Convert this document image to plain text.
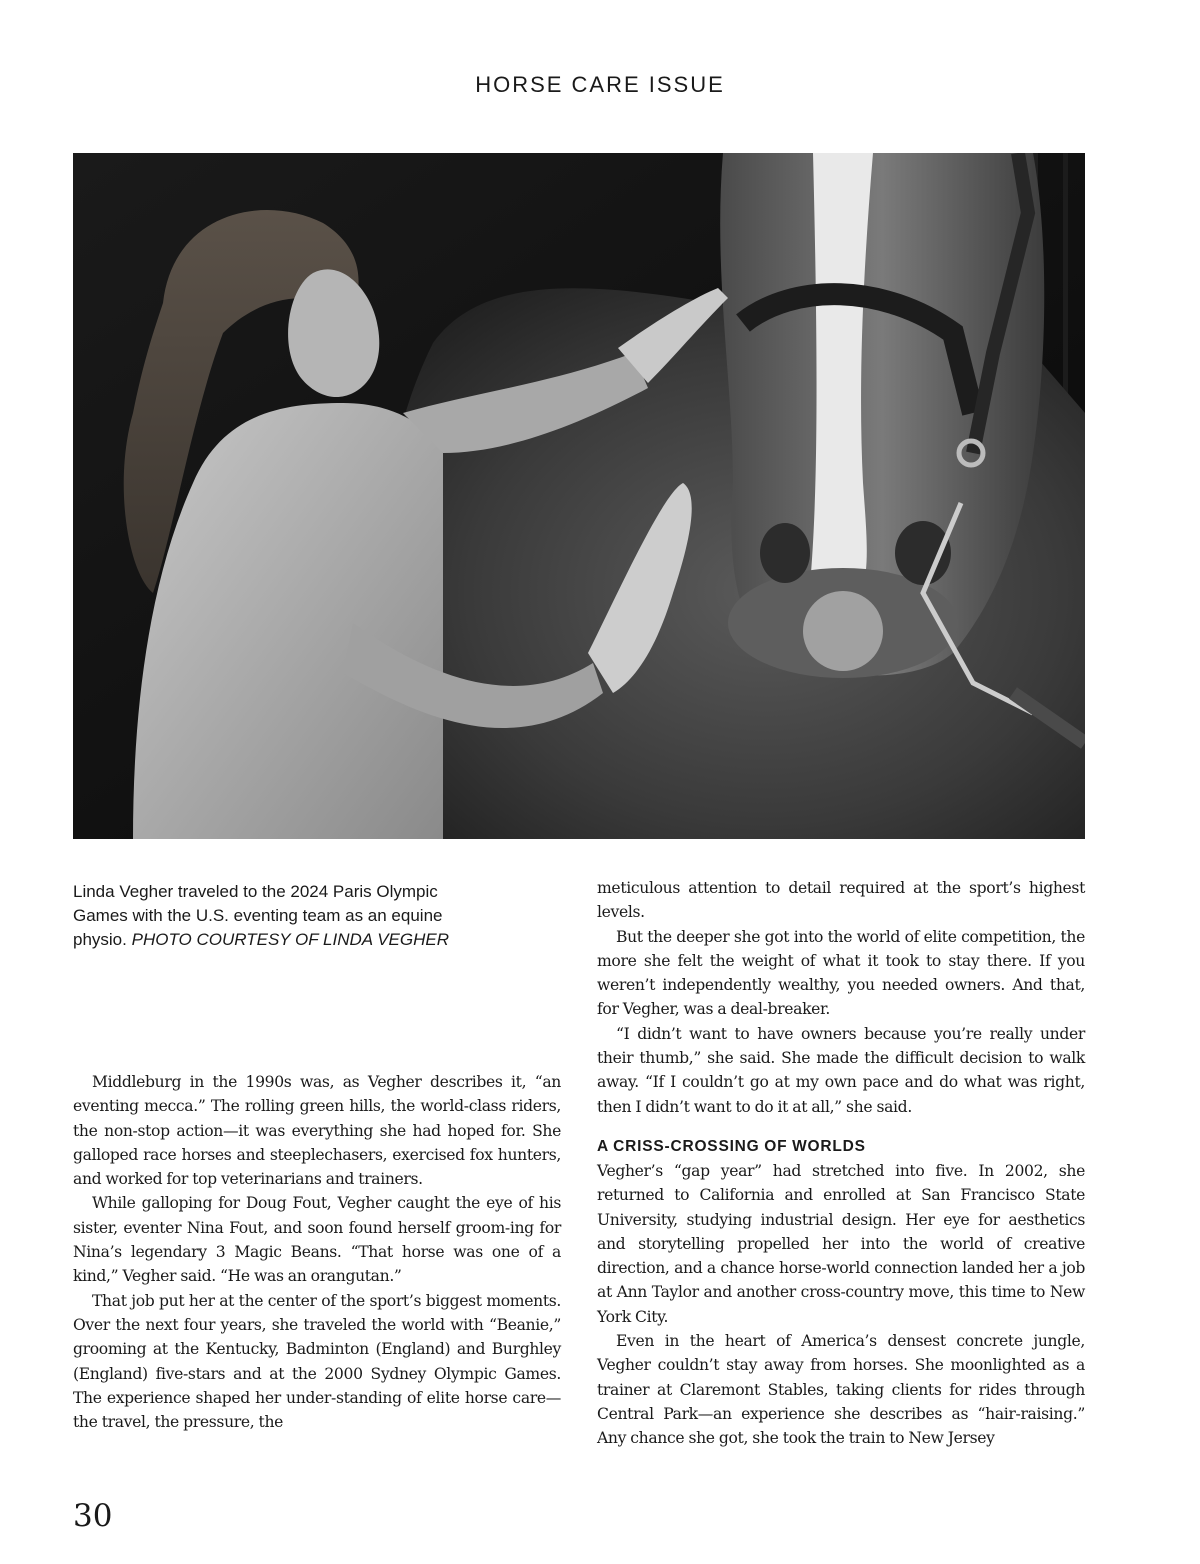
HORSE CARE ISSUE
Linda Vegher traveled to the 2024 Paris Olympic Games with the U.S. eventing team as an equine physio. PHOTO COURTESY OF LINDA VEGHER

Middleburg in the 1990s was, as Vegher describes it, “an eventing mecca.” The rolling green hills, the world-class riders, the non-stop action—it was everything she had hoped for. She galloped race horses and steeplechasers, exercised fox hunters, and worked for top veterinarians and trainers.

While galloping for Doug Fout, Vegher caught the eye of his sister, eventer Nina Fout, and soon found herself groom-ing for Nina’s legendary 3 Magic Beans. “That horse was one of a kind,” Vegher said. “He was an orangutan.”

That job put her at the center of the sport’s biggest moments. Over the next four years, she traveled the world with “Beanie,” grooming at the Kentucky, Badminton (England) and Burghley (England) five-stars and at the 2000 Sydney Olympic Games. The experience shaped her under-standing of elite horse care—the travel, the pressure, the

meticulous attention to detail required at the sport’s highest levels.

But the deeper she got into the world of elite competition, the more she felt the weight of what it took to stay there. If you weren’t independently wealthy, you needed owners. And that, for Vegher, was a deal-breaker.

“I didn’t want to have owners because you’re really under their thumb,” she said. She made the difficult decision to walk away. “If I couldn’t go at my own pace and do what was right, then I didn’t want to do it at all,” she said.

A CRISS-CROSSING OF WORLDS

Vegher’s “gap year” had stretched into five. In 2002, she returned to California and enrolled at San Francisco State University, studying industrial design. Her eye for aesthetics and storytelling propelled her into the world of creative direction, and a chance horse-world connection landed her a job at Ann Taylor and another cross-country move, this time to New York City.

Even in the heart of America’s densest concrete jungle, Vegher couldn’t stay away from horses. She moonlighted as a trainer at Claremont Stables, taking clients for rides through Central Park—an experience she describes as “hair-raising.” Any chance she got, she took the train to New Jersey

30
